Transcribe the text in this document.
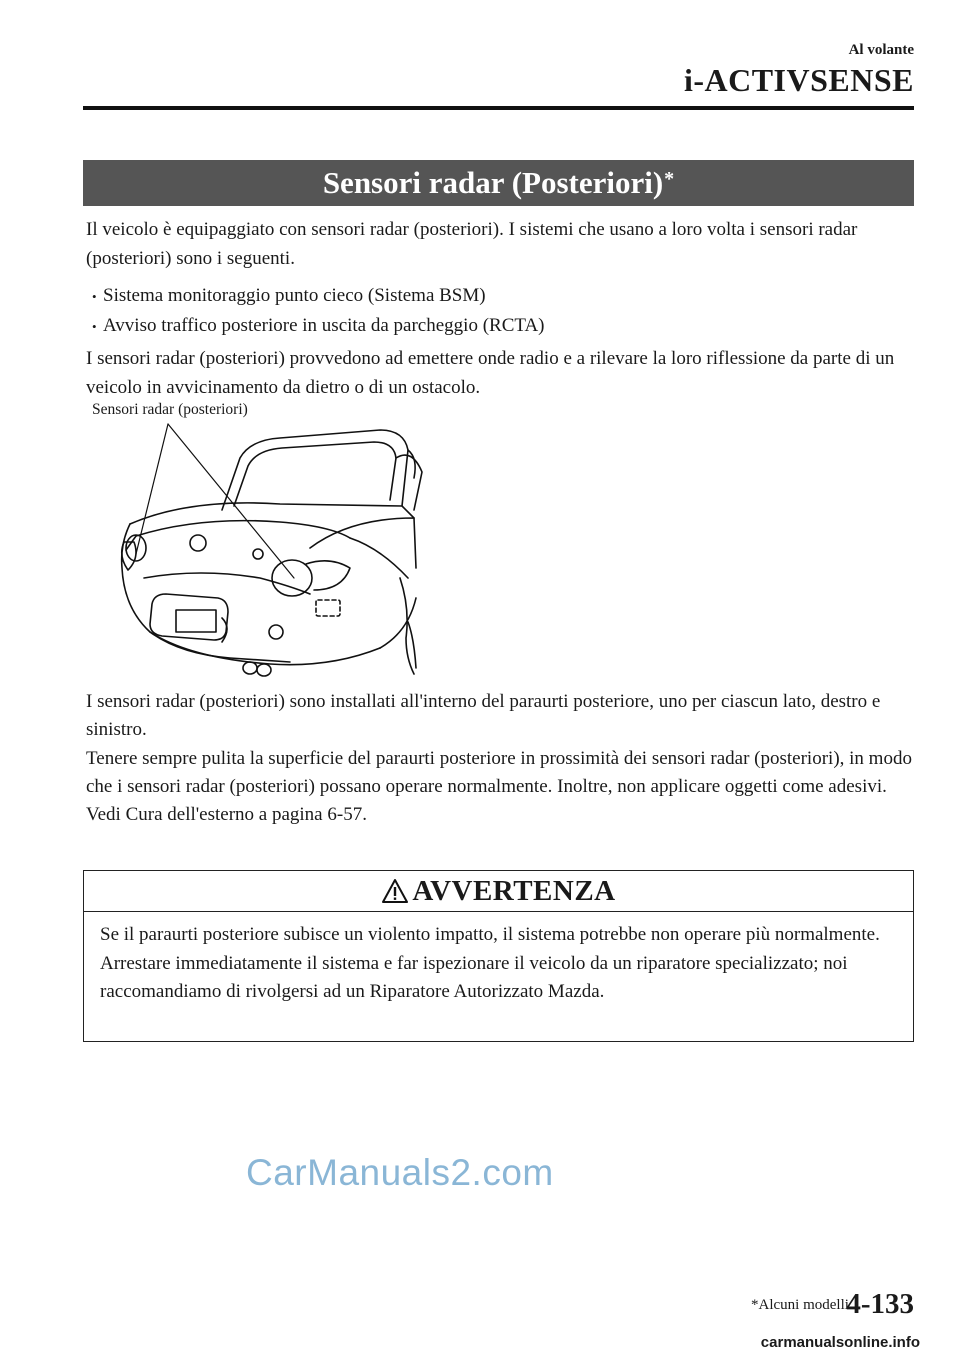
Al volante
i-ACTIVSENSE
Sensori radar (Posteriori)*
Il veicolo è equipaggiato con sensori radar (posteriori). I sistemi che usano a loro volta i sensori radar (posteriori) sono i seguenti.
• Sistema monitoraggio punto cieco (Sistema BSM)
• Avviso traffico posteriore in uscita da parcheggio (RCTA)
I sensori radar (posteriori) provvedono ad emettere onde radio e a rilevare la loro riflessione da parte di un veicolo in avvicinamento da dietro o di un ostacolo.
Sensori radar (posteriori)
I sensori radar (posteriori) sono installati all'interno del paraurti posteriore, uno per ciascun lato, destro e sinistro.
Tenere sempre pulita la superficie del paraurti posteriore in prossimità dei sensori radar (posteriori), in modo che i sensori radar (posteriori) possano operare normalmente. Inoltre, non applicare oggetti come adesivi.
Vedi Cura dell'esterno a pagina 6-57.
AVVERTENZA
Se il paraurti posteriore subisce un violento impatto, il sistema potrebbe non operare più normalmente. Arrestare immediatamente il sistema e far ispezionare il veicolo da un riparatore specializzato; noi raccomandiamo di rivolgersi ad un Riparatore Autorizzato Mazda.
CarManuals2.com
*Alcuni modelli.
4-133
carmanualsonline.info
